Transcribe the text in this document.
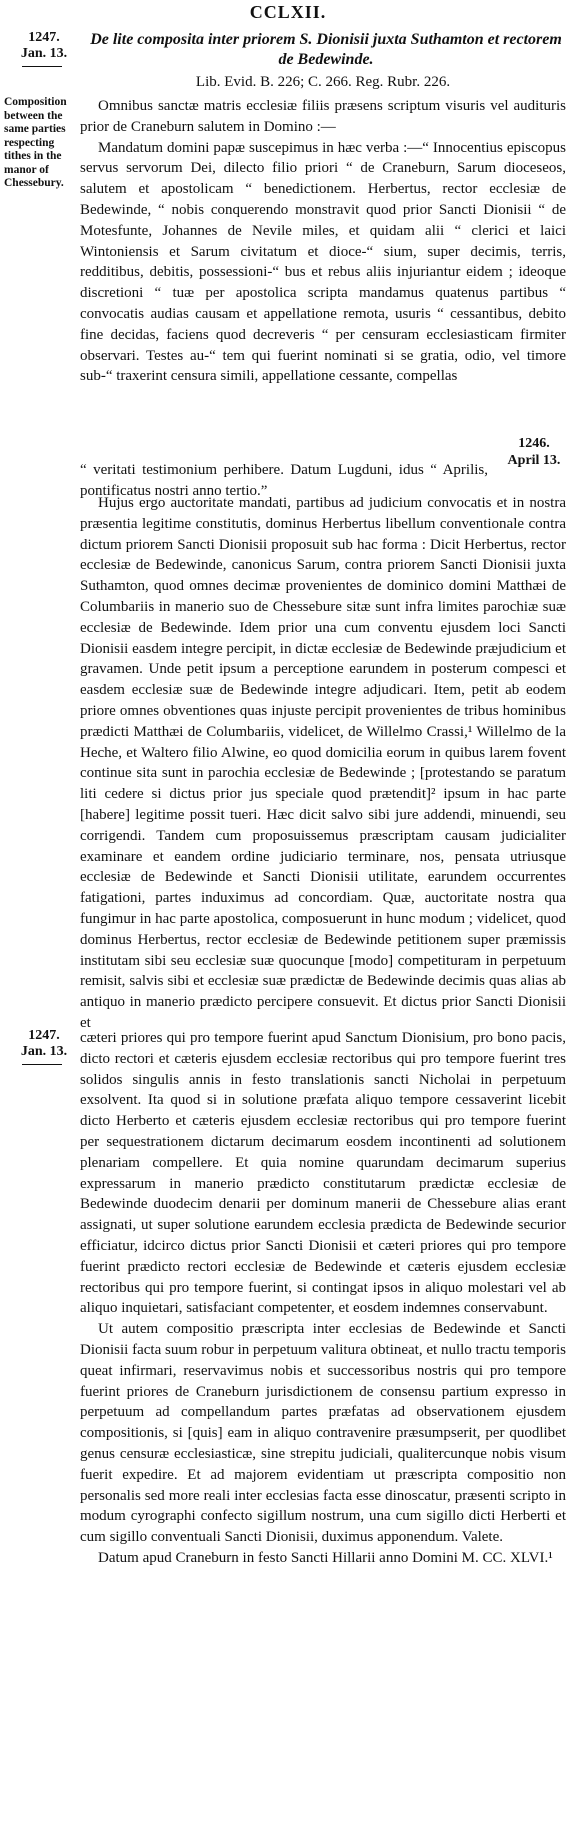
CCLXII.
1247.
Jan. 13.
De lite composita inter priorem S. Dionisii juxta Suthamton et rectorem de Bedewinde.
Lib. Evid. B. 226; C. 266. Reg. Rubr. 226.
Composition between the same parties respecting tithes in the manor of Chessebury.

Omnibus sanctæ matris ecclesiæ filiis præsens scriptum visuris vel audituris prior de Craneburn salutem in Domino :—

Mandatum domini papæ suscepimus in hæc verba :—“ Innocentius episcopus servus servorum Dei, dilecto filio priori “ de Craneburn, Sarum dioceseos, salutem et apostolicam “ benedictionem. Herbertus, rector ecclesiæ de Bedewinde, “ nobis conquerendo monstravit quod prior Sancti Dionisii “ de Motesfunte, Johannes de Nevile miles, et quidam alii “ clerici et laici Wintoniensis et Sarum civitatum et dioce-“ sium, super decimis, terris, redditibus, debitis, possessioni-“ bus et rebus aliis injuriantur eidem ; ideoque discretioni “ tuæ per apostolica scripta mandamus quatenus partibus “ convocatis audias causam et appellatione remota, usuris “ cessantibus, debito fine decidas, faciens quod decreveris “ per censuram ecclesiasticam firmiter observari. Testes au-“ tem qui fuerint nominati si se gratia, odio, vel timore sub-“ traxerint censura simili, appellatione cessante, compellas

“ veritati testimonium perhibere. Datum Lugduni, idus “ Aprilis, pontificatus nostri anno tertio.”

1246.
April 13.

Hujus ergo auctoritate mandati, partibus ad judicium convocatis et in nostra præsentia legitime constitutis, dominus Herbertus libellum conventionale contra dictum priorem Sancti Dionisii proposuit sub hac forma : Dicit Herbertus, rector ecclesiæ de Bedewinde, canonicus Sarum, contra priorem Sancti Dionisii juxta Suthamton, quod omnes decimæ provenientes de dominico domini Matthæi de Columbariis in manerio suo de Chessebure sitæ sunt infra limites parochiæ suæ ecclesiæ de Bedewinde. Idem prior una cum conventu ejusdem loci Sancti Dionisii easdem integre percipit, in dictæ ecclesiæ de Bedewinde præjudicium et gravamen. Unde petit ipsum a perceptione earundem in posterum compesci et easdem ecclesiæ suæ de Bedewinde integre adjudicari. Item, petit ab eodem priore omnes obventiones quas injuste percipit provenientes de tribus hominibus prædicti Matthæi de Columbariis, videlicet, de Willelmo Crassi,¹ Willelmo de la Heche, et Waltero filio Alwine, eo quod domicilia eorum in quibus larem fovent continue sita sunt in parochia ecclesiæ de Bedewinde ; [protestando se paratum liti cedere si dictus prior jus speciale quod prætendit]² ipsum in hac parte [habere] legitime possit tueri. Hæc dicit salvo sibi jure addendi, minuendi, seu corrigendi. Tandem cum proposuissemus præscriptam causam judicialiter examinare et eandem ordine judiciario terminare, nos, pensata utriusque ecclesiæ de Bedewinde et Sancti Dionisii utilitate, earundem occurrentes fatigationi, partes induximus ad concordiam. Quæ, auctoritate nostra qua fungimur in hac parte apostolica, composuerunt in hunc modum ; videlicet, quod dominus Herbertus, rector ecclesiæ de Bedewinde petitionem super præmissis institutam sibi seu ecclesiæ suæ quocunque [modo] competituram in perpetuum remisit, salvis sibi et ecclesiæ suæ prædictæ de Bedewinde decimis quas alias ab antiquo in manerio prædicto percipere consuevit. Et dictus prior Sancti Dionisii et

1247.
Jan. 13.

cæteri priores qui pro tempore fuerint apud Sanctum Dionisium, pro bono pacis, dicto rectori et cæteris ejusdem ecclesiæ rectoribus qui pro tempore fuerint tres solidos singulis annis in festo translationis sancti Nicholai in perpetuum exsolvent. Ita quod si in solutione præfata aliquo tempore cessaverint licebit dicto Herberto et cæteris ejusdem ecclesiæ rectoribus qui pro tempore fuerint per sequestrationem dictarum decimarum eosdem incontinenti ad solutionem plenariam compellere. Et quia nomine quarundam decimarum superius expressarum in manerio prædicto constitutarum prædictæ ecclesiæ de Bedewinde duodecim denarii per dominum manerii de Chessebure alias erant assignati, ut super solutione earundem ecclesia prædicta de Bedewinde securior efficiatur, idcirco dictus prior Sancti Dionisii et cæteri priores qui pro tempore fuerint prædicto rectori ecclesiæ de Bedewinde et cæteris ejusdem ecclesiæ rectoribus qui pro tempore fuerint, si contingat ipsos in aliquo molestari vel ab aliquo inquietari, satisfaciant competenter, et eosdem indemnes conservabunt.

Ut autem compositio præscripta inter ecclesias de Bedewinde et Sancti Dionisii facta suum robur in perpetuum valitura obtineat, et nullo tractu temporis queat infirmari, reservavimus nobis et successoribus nostris qui pro tempore fuerint priores de Craneburn jurisdictionem de consensu partium expresso in perpetuum ad compellandum partes præfatas ad observationem ejusdem compositionis, si [quis] eam in aliquo contravenire præsumpserit, per quodlibet genus censuræ ecclesiasticæ, sine strepitu judiciali, qualitercunque nobis visum fuerit expedire. Et ad majorem evidentiam ut præscripta compositio non personalis sed more reali inter ecclesias facta esse dinoscatur, præsenti scripto in modum cyrographi confecto sigillum nostrum, una cum sigillo dicti Herberti et cum sigillo conventuali Sancti Dionisii, duximus apponendum. Valete.

Datum apud Craneburn in festo Sancti Hillarii anno Domini M. CC. XLVI.¹
